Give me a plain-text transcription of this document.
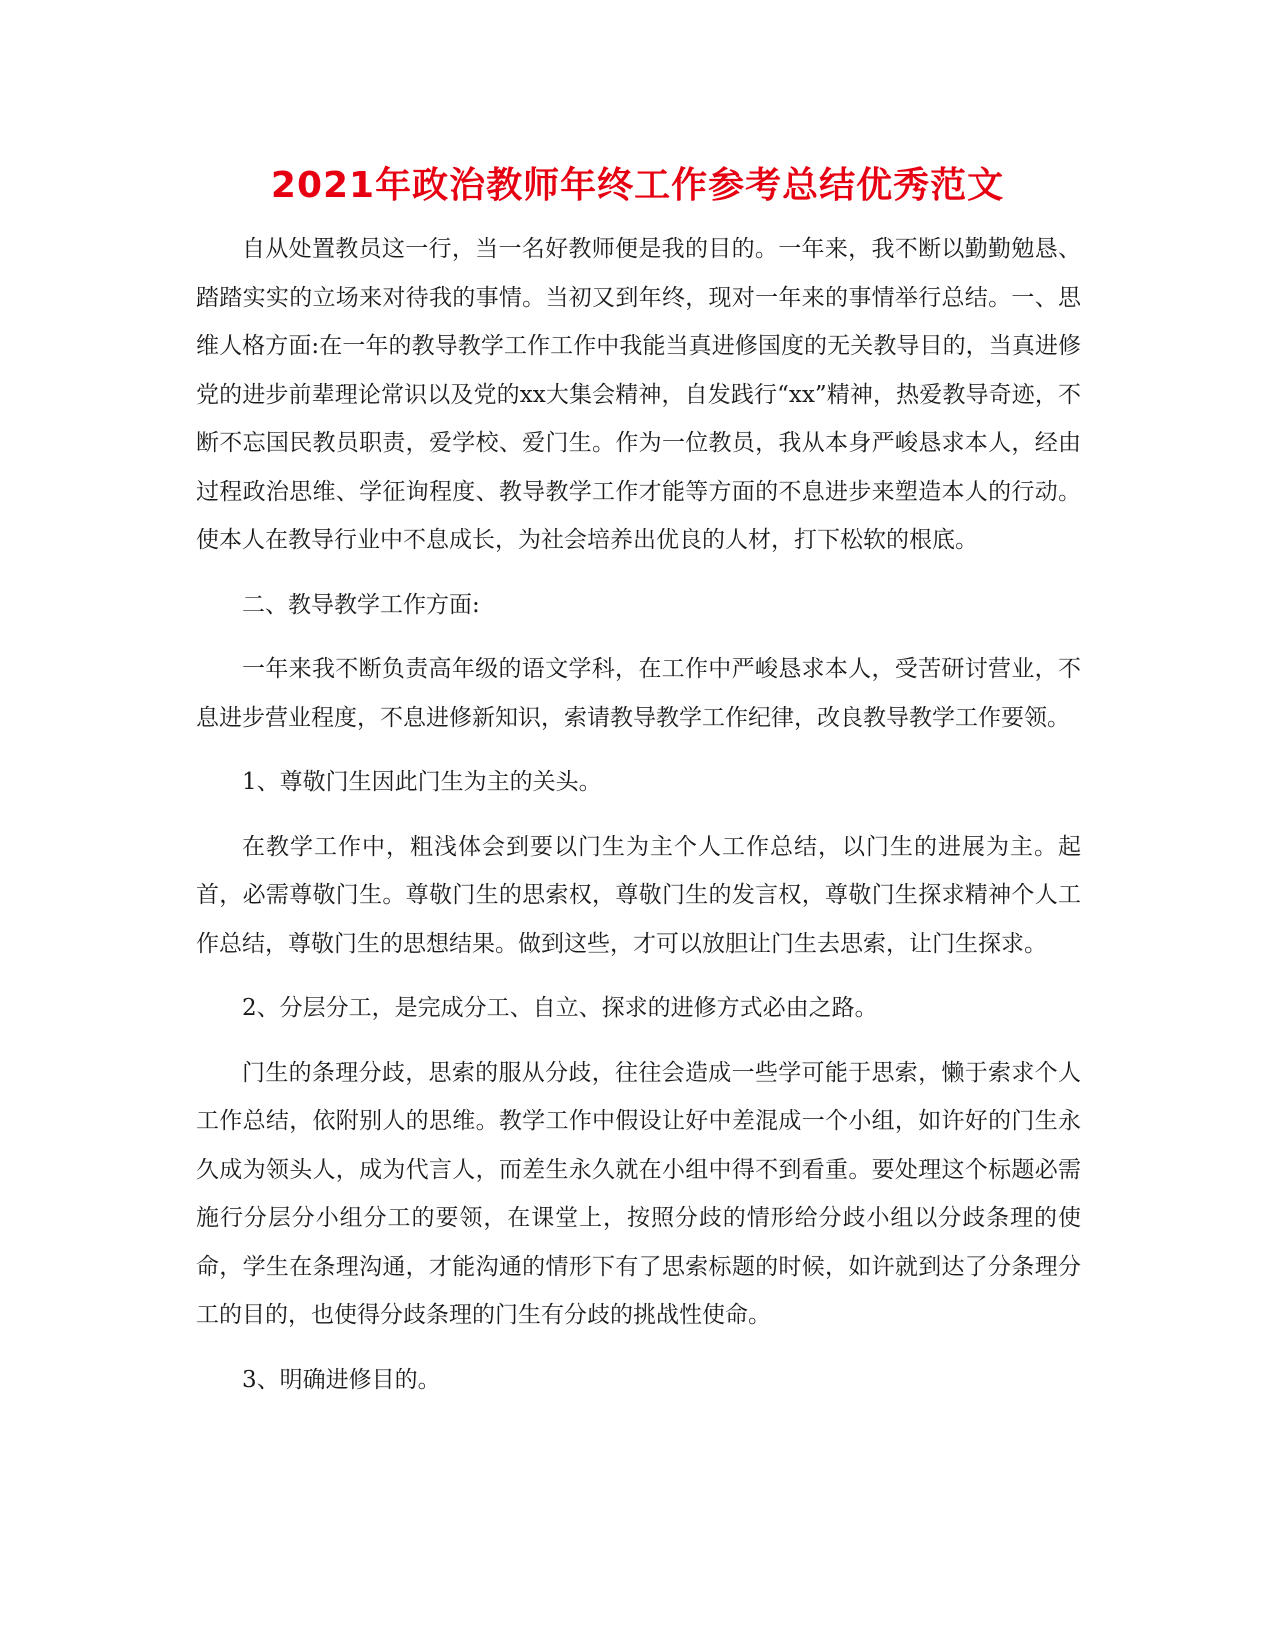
2021年政治教师年终工作参考总结优秀范文

自从处置教员这一行，当一名好教师便是我的目的。一年来，我不断以勤勤勉恳、踏踏实实的立场来对待我的事情。当初又到年终，现对一年来的事情举行总结。一、思维人格方面:在一年的教导教学工作工作中我能当真进修国度的无关教导目的，当真进修党的进步前辈理论常识以及党的xx大集会精神，自发践行“xx”精神，热爱教导奇迹，不断不忘国民教员职责，爱学校、爱门生。作为一位教员，我从本身严峻恳求本人，经由过程政治思维、学征询程度、教导教学工作才能等方面的不息进步来塑造本人的行动。使本人在教导行业中不息成长，为社会培养出优良的人材，打下松软的根底。

二、教导教学工作方面:

一年来我不断负责高年级的语文学科，在工作中严峻恳求本人，受苦研讨营业，不息进步营业程度，不息进修新知识，索请教导教学工作纪律，改良教导教学工作要领。

1、尊敬门生因此门生为主的关头。

在教学工作中，粗浅体会到要以门生为主个人工作总结，以门生的进展为主。起首，必需尊敬门生。尊敬门生的思索权，尊敬门生的发言权，尊敬门生探求精神个人工作总结，尊敬门生的思想结果。做到这些，才可以放胆让门生去思索，让门生探求。

2、分层分工，是完成分工、自立、探求的进修方式必由之路。

门生的条理分歧，思索的服从分歧，往往会造成一些学可能于思索，懒于索求个人工作总结，依附别人的思维。教学工作中假设让好中差混成一个小组，如许好的门生永久成为领头人，成为代言人，而差生永久就在小组中得不到看重。要处理这个标题必需施行分层分小组分工的要领，在课堂上，按照分歧的情形给分歧小组以分歧条理的使命，学生在条理沟通，才能沟通的情形下有了思索标题的时候，如许就到达了分条理分工的目的，也使得分歧条理的门生有分歧的挑战性使命。

3、明确进修目的。
